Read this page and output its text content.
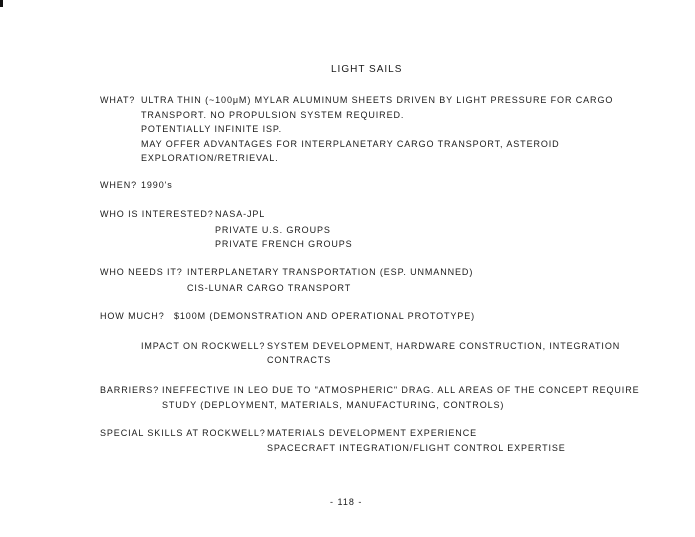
LIGHT SAILS
WHAT? ULTRA THIN (~100μM) MYLAR ALUMINUM SHEETS DRIVEN BY LIGHT PRESSURE FOR CARGO
TRANSPORT. NO PROPULSION SYSTEM REQUIRED.
POTENTIALLY INFINITE ISP.
MAY OFFER ADVANTAGES FOR INTERPLANETARY CARGO TRANSPORT, ASTEROID
EXPLORATION/RETRIEVAL.
WHEN? 1990's
WHO IS INTERESTED? NASA-JPL
PRIVATE U.S. GROUPS
PRIVATE FRENCH GROUPS
WHO NEEDS IT? INTERPLANETARY TRANSPORTATION (ESP. UNMANNED)
CIS-LUNAR CARGO TRANSPORT
HOW MUCH? $100M (DEMONSTRATION AND OPERATIONAL PROTOTYPE)
IMPACT ON ROCKWELL? SYSTEM DEVELOPMENT, HARDWARE CONSTRUCTION, INTEGRATION
CONTRACTS
BARRIERS? INEFFECTIVE IN LEO DUE TO "ATMOSPHERIC" DRAG. ALL AREAS OF THE CONCEPT REQUIRE
STUDY (DEPLOYMENT, MATERIALS, MANUFACTURING, CONTROLS)
SPECIAL SKILLS AT ROCKWELL? MATERIALS DEVELOPMENT EXPERIENCE
SPACECRAFT INTEGRATION/FLIGHT CONTROL EXPERTISE
- 118 -
